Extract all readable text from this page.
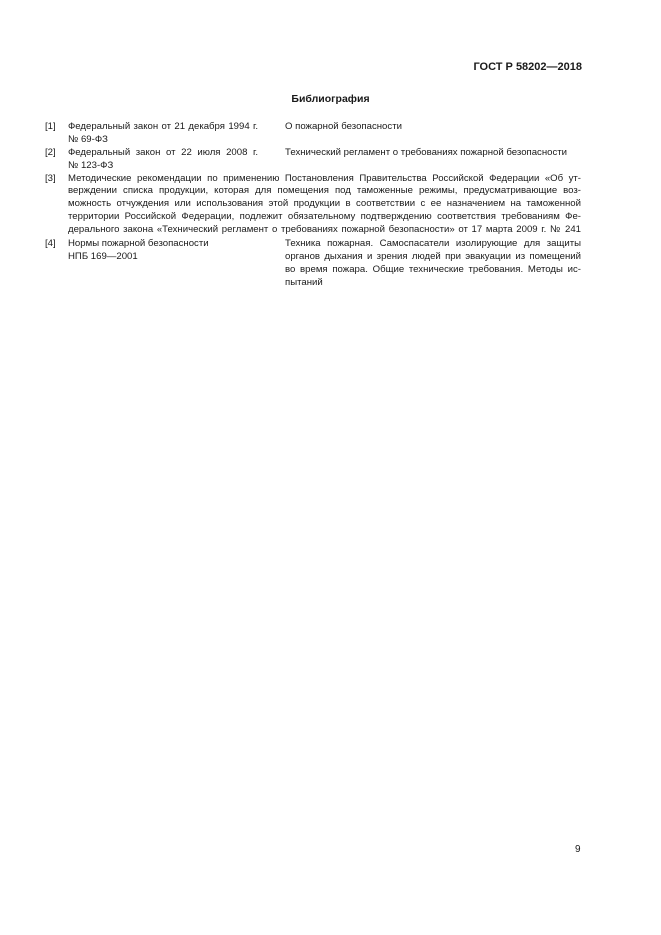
ГОСТ Р 58202—2018
Библиография
[1] Федеральный закон от 21 декабря 1994 г.
№ 69-ФЗ
О пожарной безопасности
[2] Федеральный закон от 22 июля 2008 г.
№ 123-ФЗ
Технический регламент о требованиях пожарной безопасности
[3] Методические рекомендации по применению Постановления Правительства Российской Федерации «Об ут-
верждении списка продукции, которая для помещения под таможенные режимы, предусматривающие воз-
можность отчуждения или использования этой продукции в соответствии с ее назначением на таможенной
территории Российской Федерации, подлежит обязательному подтверждению соответствия требованиям Фе-
дерального закона «Технический регламент о требованиях пожарной безопасности» от 17 марта 2009 г. № 241
[4] Нормы пожарной безопасности
НПБ 169—2001
Техника пожарная. Самоспасатели изолирующие для защиты
органов дыхания и зрения людей при эвакуации из помещений
во время пожара. Общие технические требования. Методы ис-
пытаний
9
